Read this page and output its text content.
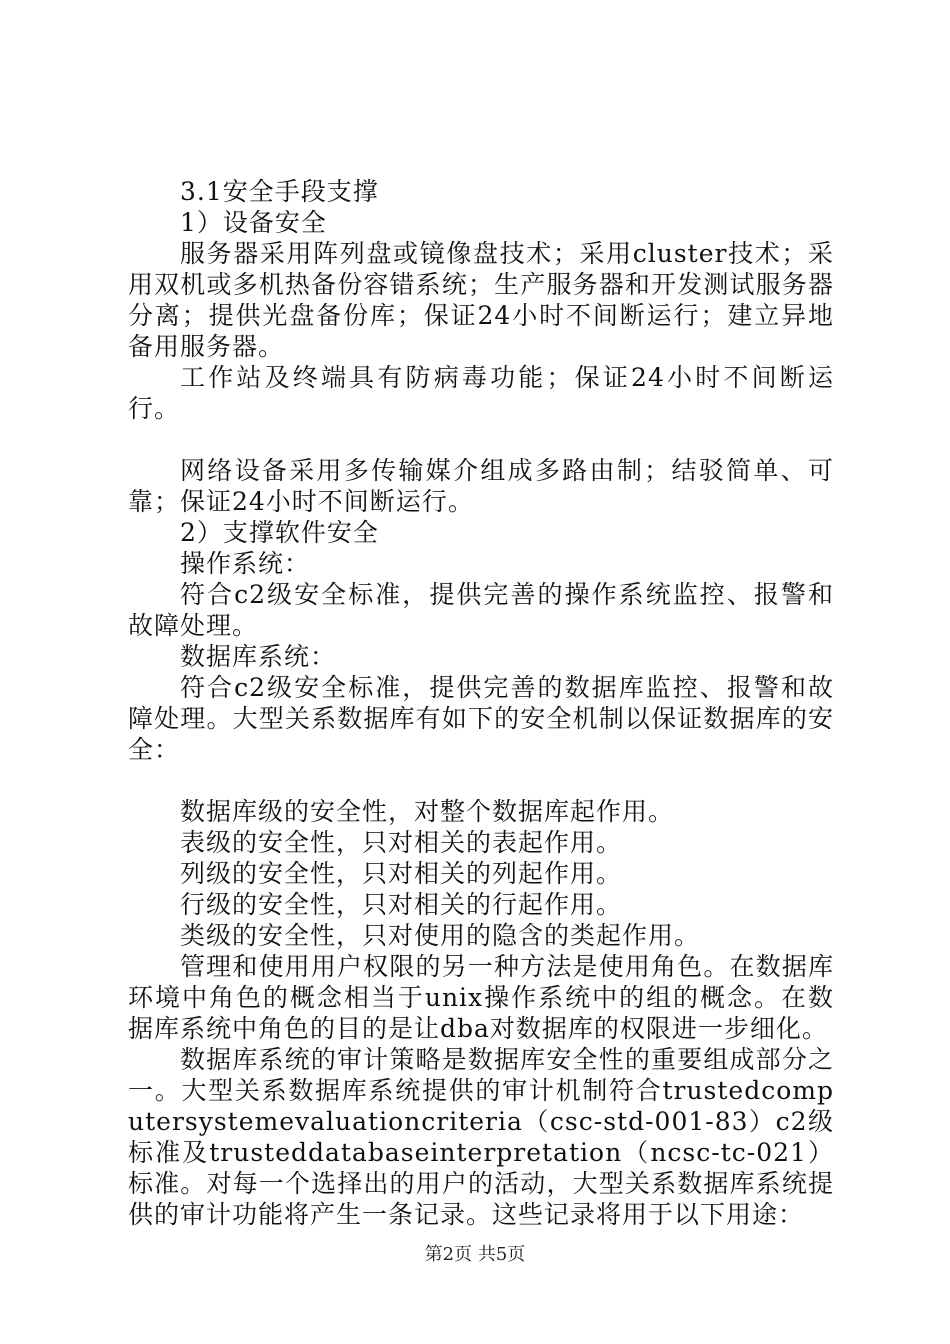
3.1安全手段支撑

1）设备安全

服务器采用阵列盘或镜像盘技术；采用cluster技术；采用双机或多机热备份容错系统；生产服务器和开发测试服务器分离；提供光盘备份库；保证24小时不间断运行；建立异地备用服务器。

工作站及终端具有防病毒功能；保证24小时不间断运行。

网络设备采用多传输媒介组成多路由制；结驳简单、可靠；保证24小时不间断运行。

2）支撑软件安全

操作系统：

符合c2级安全标准，提供完善的操作系统监控、报警和故障处理。

数据库系统：

符合c2级安全标准，提供完善的数据库监控、报警和故障处理。大型关系数据库有如下的安全机制以保证数据库的安全：

数据库级的安全性，对整个数据库起作用。

表级的安全性，只对相关的表起作用。

列级的安全性，只对相关的列起作用。

行级的安全性，只对相关的行起作用。

类级的安全性，只对使用的隐含的类起作用。

管理和使用用户权限的另一种方法是使用角色。在数据库环境中角色的概念相当于unix操作系统中的组的概念。在数据库系统中角色的目的是让dba对数据库的权限进一步细化。

数据库系统的审计策略是数据库安全性的重要组成部分之一。大型关系数据库系统提供的审计机制符合trustedcomputersystemevaluationcriteria（csc-std-001-83）c2级标准及trusteddatabaseinterpretation（ncsc-tc-021）标准。对每一个选择出的用户的活动，大型关系数据库系统提供的审计功能将产生一条记录。这些记录将用于以下用途：

第2页 共5页
